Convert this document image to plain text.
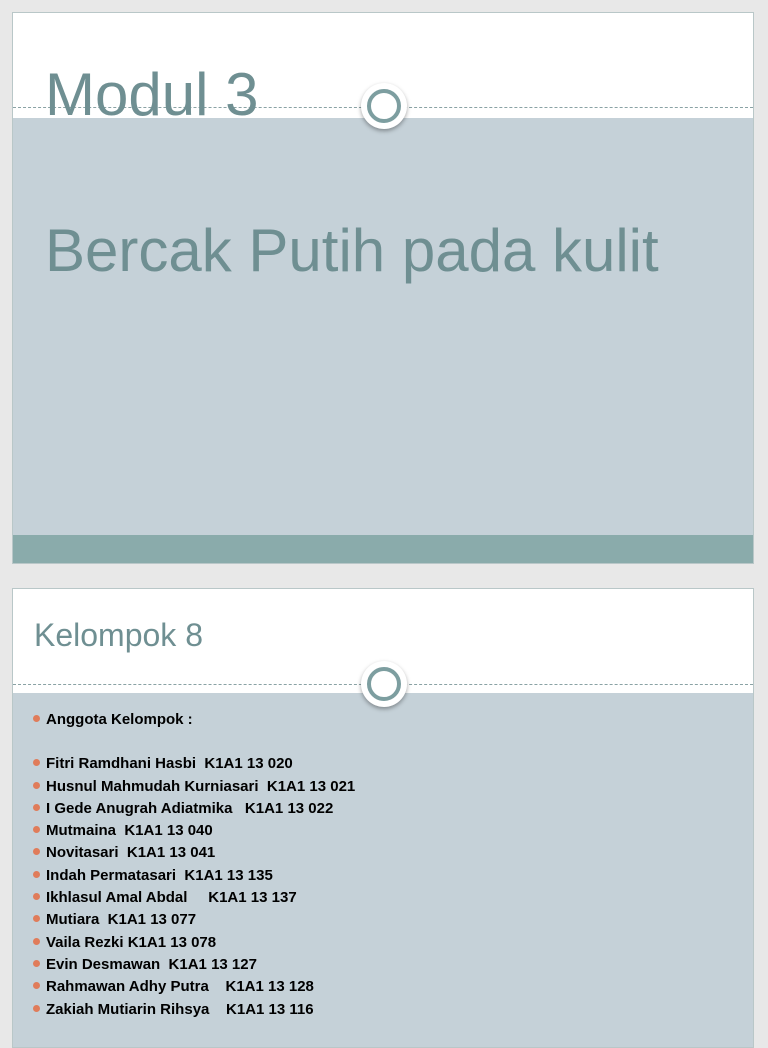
Modul 3
Bercak Putih pada kulit
Kelompok 8
Anggota Kelompok :
Fitri Ramdhani Hasbi  K1A1 13 020
Husnul Mahmudah Kurniasari  K1A1 13 021
I Gede Anugrah Adiatmika   K1A1 13 022
Mutmaina  K1A1 13 040
Novitasari  K1A1 13 041
Indah Permatasari  K1A1 13 135
Ikhlasul Amal Abdal     K1A1 13 137
Mutiara  K1A1 13 077
Vaila Rezki K1A1 13 078
Evin Desmawan  K1A1 13 127
Rahmawan Adhy Putra    K1A1 13 128
Zakiah Mutiarin Rihsya    K1A1 13 116
